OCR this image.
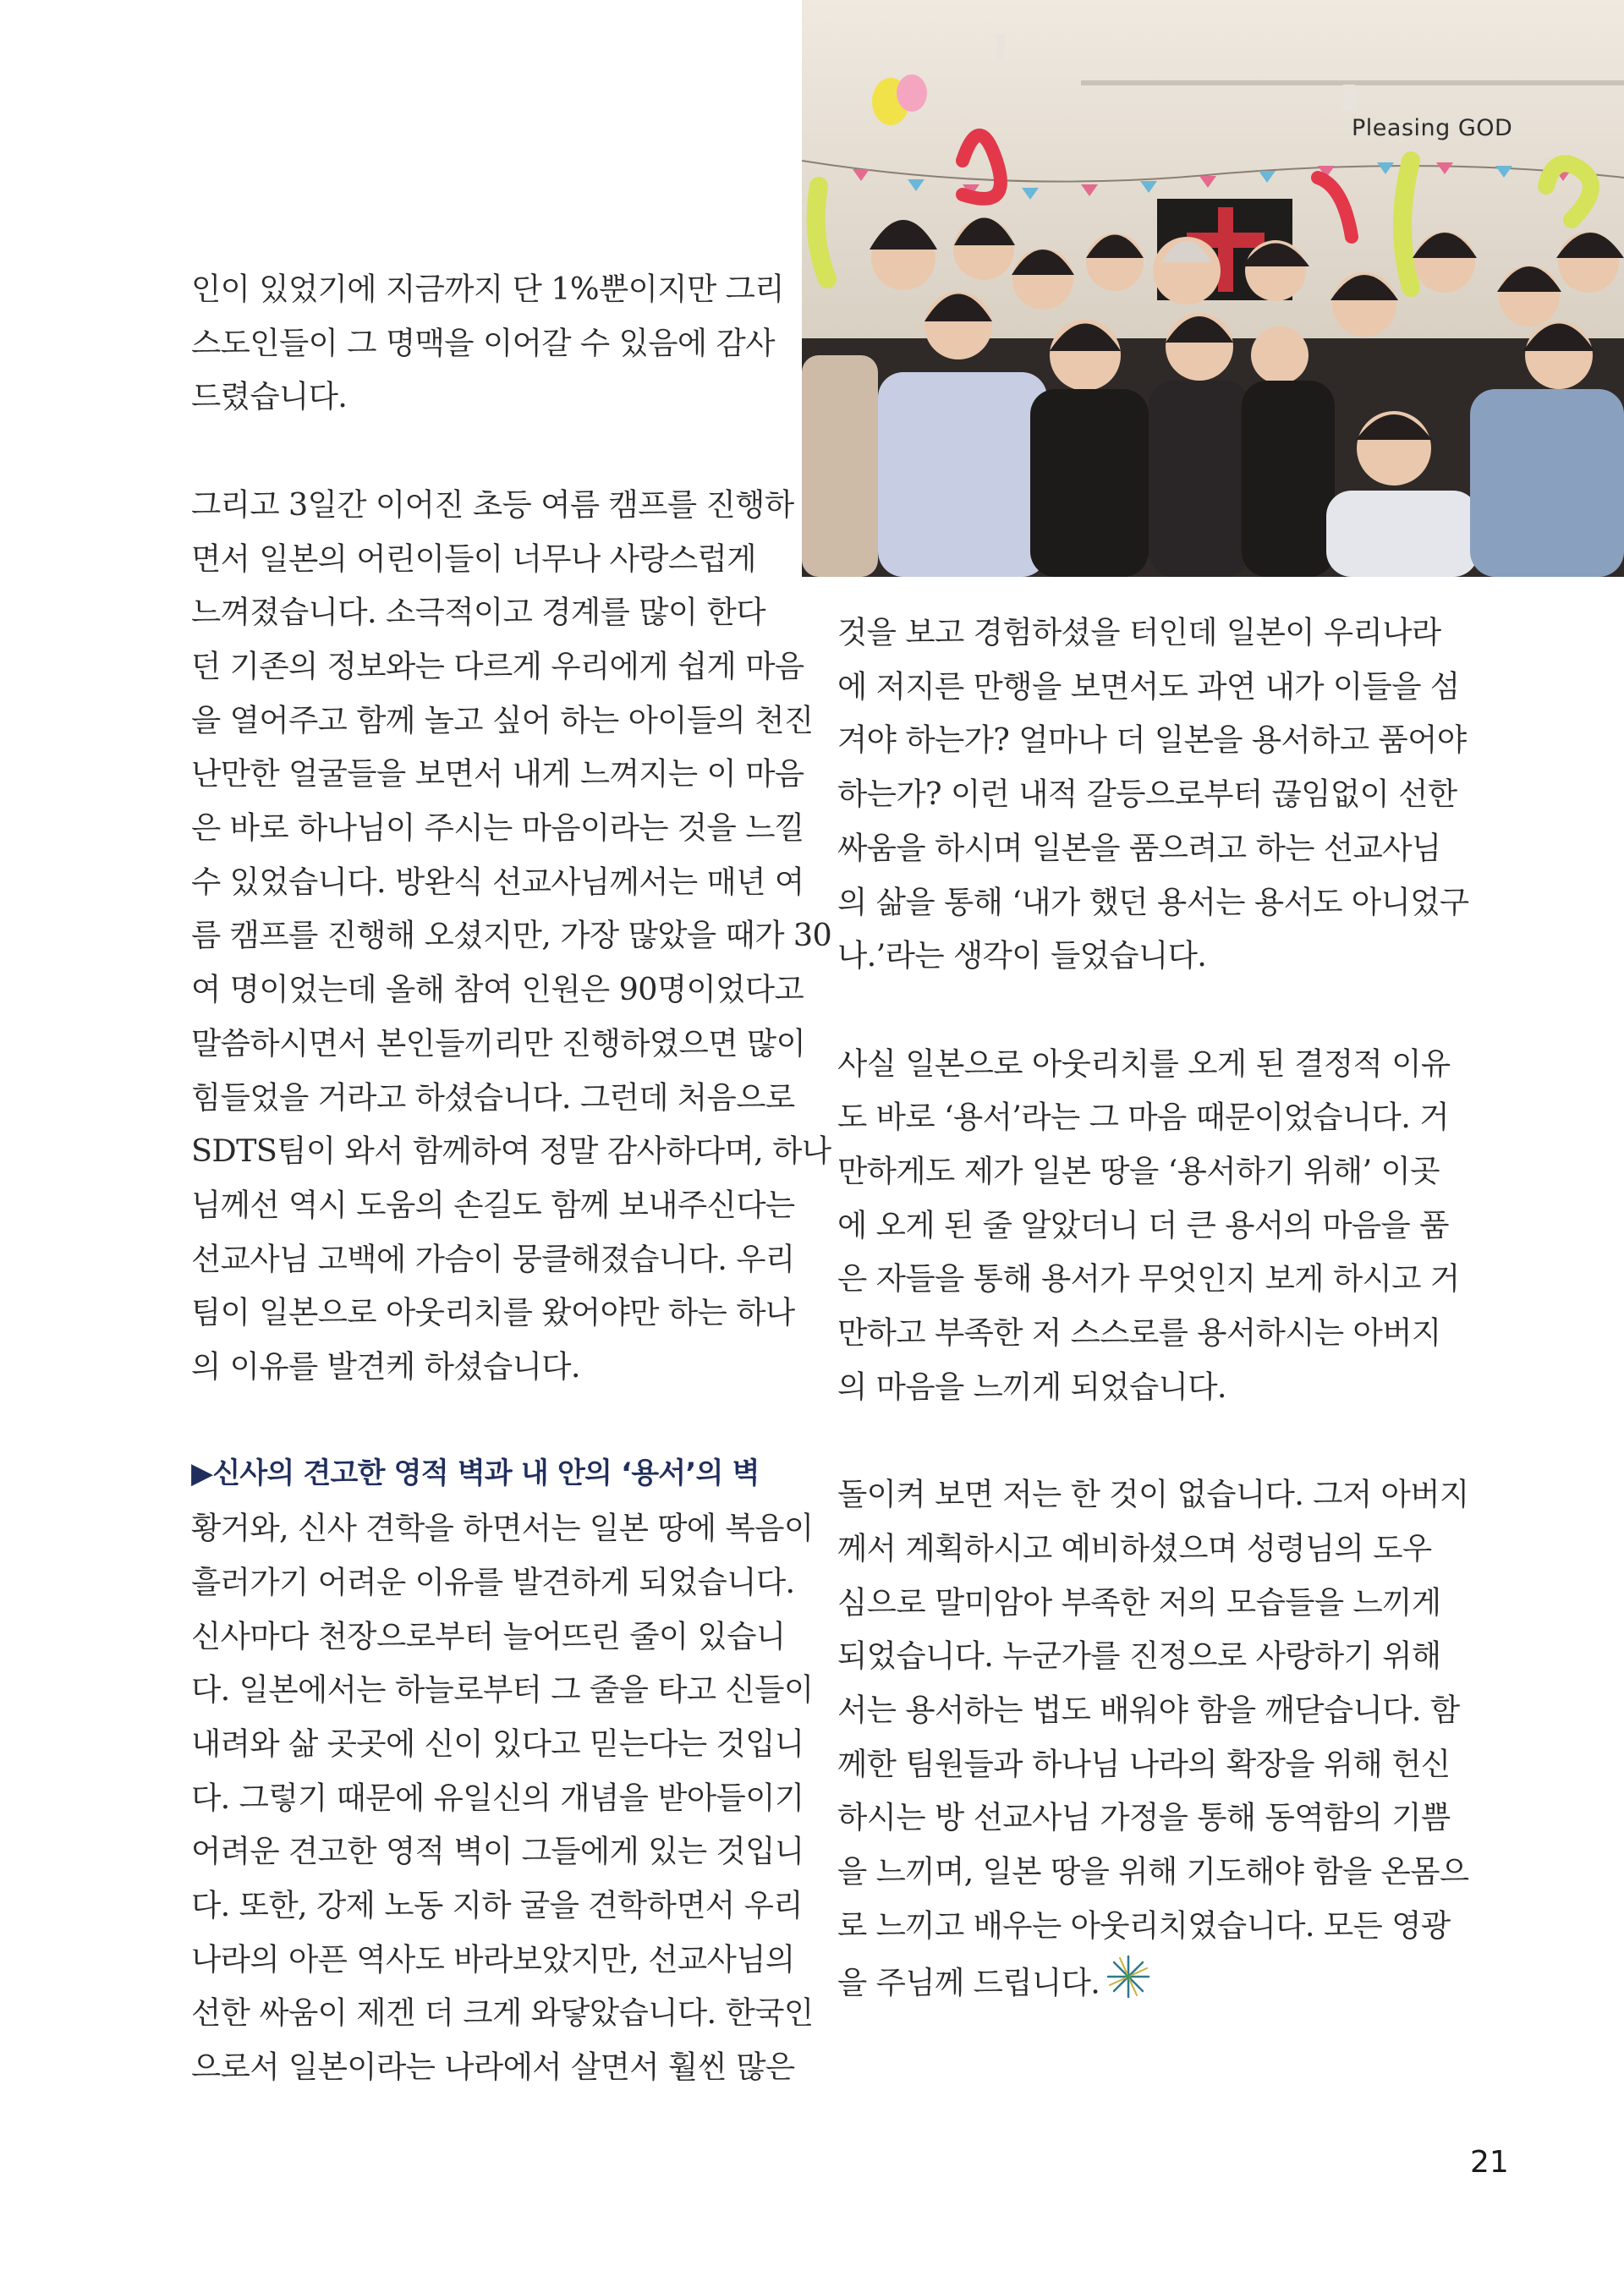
Pleasing GOD

인이 있었기에 지금까지 단 1%뿐이지만 그리

스도인들이 그 명맥을 이어갈 수 있음에 감사

드렸습니다.

그리고 3일간 이어진 초등 여름 캠프를 진행하

면서 일본의 어린이들이 너무나 사랑스럽게

느껴졌습니다. 소극적이고 경계를 많이 한다

던 기존의 정보와는 다르게 우리에게 쉽게 마음

을 열어주고 함께 놀고 싶어 하는 아이들의 천진

난만한 얼굴들을 보면서 내게 느껴지는 이 마음

은 바로 하나님이 주시는 마음이라는 것을 느낄

수 있었습니다. 방완식 선교사님께서는 매년 여

름 캠프를 진행해 오셨지만, 가장 많았을 때가 30

여 명이었는데 올해 참여 인원은 90명이었다고

말씀하시면서 본인들끼리만 진행하였으면 많이

힘들었을 거라고 하셨습니다. 그런데 처음으로

SDTS팀이 와서 함께하여 정말 감사하다며, 하나

님께선 역시 도움의 손길도 함께 보내주신다는

선교사님 고백에 가슴이 뭉클해졌습니다. 우리

팀이 일본으로 아웃리치를 왔어야만 하는 하나

의 이유를 발견케 하셨습니다.

▶신사의 견고한 영적 벽과 내 안의 ‘용서’의 벽

황거와, 신사 견학을 하면서는 일본 땅에 복음이

흘러가기 어려운 이유를 발견하게 되었습니다.

신사마다 천장으로부터 늘어뜨린 줄이 있습니

다. 일본에서는 하늘로부터 그 줄을 타고 신들이

내려와 삶 곳곳에 신이 있다고 믿는다는 것입니

다. 그렇기 때문에 유일신의 개념을 받아들이기

어려운 견고한 영적 벽이 그들에게 있는 것입니

다. 또한, 강제 노동 지하 굴을 견학하면서 우리

나라의 아픈 역사도 바라보았지만, 선교사님의

선한 싸움이 제겐 더 크게 와닿았습니다. 한국인

으로서 일본이라는 나라에서 살면서 훨씬 많은

것을 보고 경험하셨을 터인데 일본이 우리나라

에 저지른 만행을 보면서도 과연 내가 이들을 섬

겨야 하는가? 얼마나 더 일본을 용서하고 품어야

하는가? 이런 내적 갈등으로부터 끊임없이 선한

싸움을 하시며 일본을 품으려고 하는 선교사님

의 삶을 통해 ‘내가 했던 용서는 용서도 아니었구

나.’라는 생각이 들었습니다.

사실 일본으로 아웃리치를 오게 된 결정적 이유

도 바로 ‘용서’라는 그 마음 때문이었습니다. 거

만하게도 제가 일본 땅을 ‘용서하기 위해’ 이곳

에 오게 된 줄 알았더니 더 큰 용서의 마음을 품

은 자들을 통해 용서가 무엇인지 보게 하시고 거

만하고 부족한 저 스스로를 용서하시는 아버지

의 마음을 느끼게 되었습니다.

돌이켜 보면 저는 한 것이 없습니다. 그저 아버지

께서 계획하시고 예비하셨으며 성령님의 도우

심으로 말미암아 부족한 저의 모습들을 느끼게

되었습니다. 누군가를 진정으로 사랑하기 위해

서는 용서하는 법도 배워야 함을 깨닫습니다. 함

께한 팀원들과 하나님 나라의 확장을 위해 헌신

하시는 방 선교사님 가정을 통해 동역함의 기쁨

을 느끼며, 일본 땅을 위해 기도해야 함을 온몸으

로 느끼고 배우는 아웃리치였습니다. 모든 영광

을 주님께 드립니다.

21
